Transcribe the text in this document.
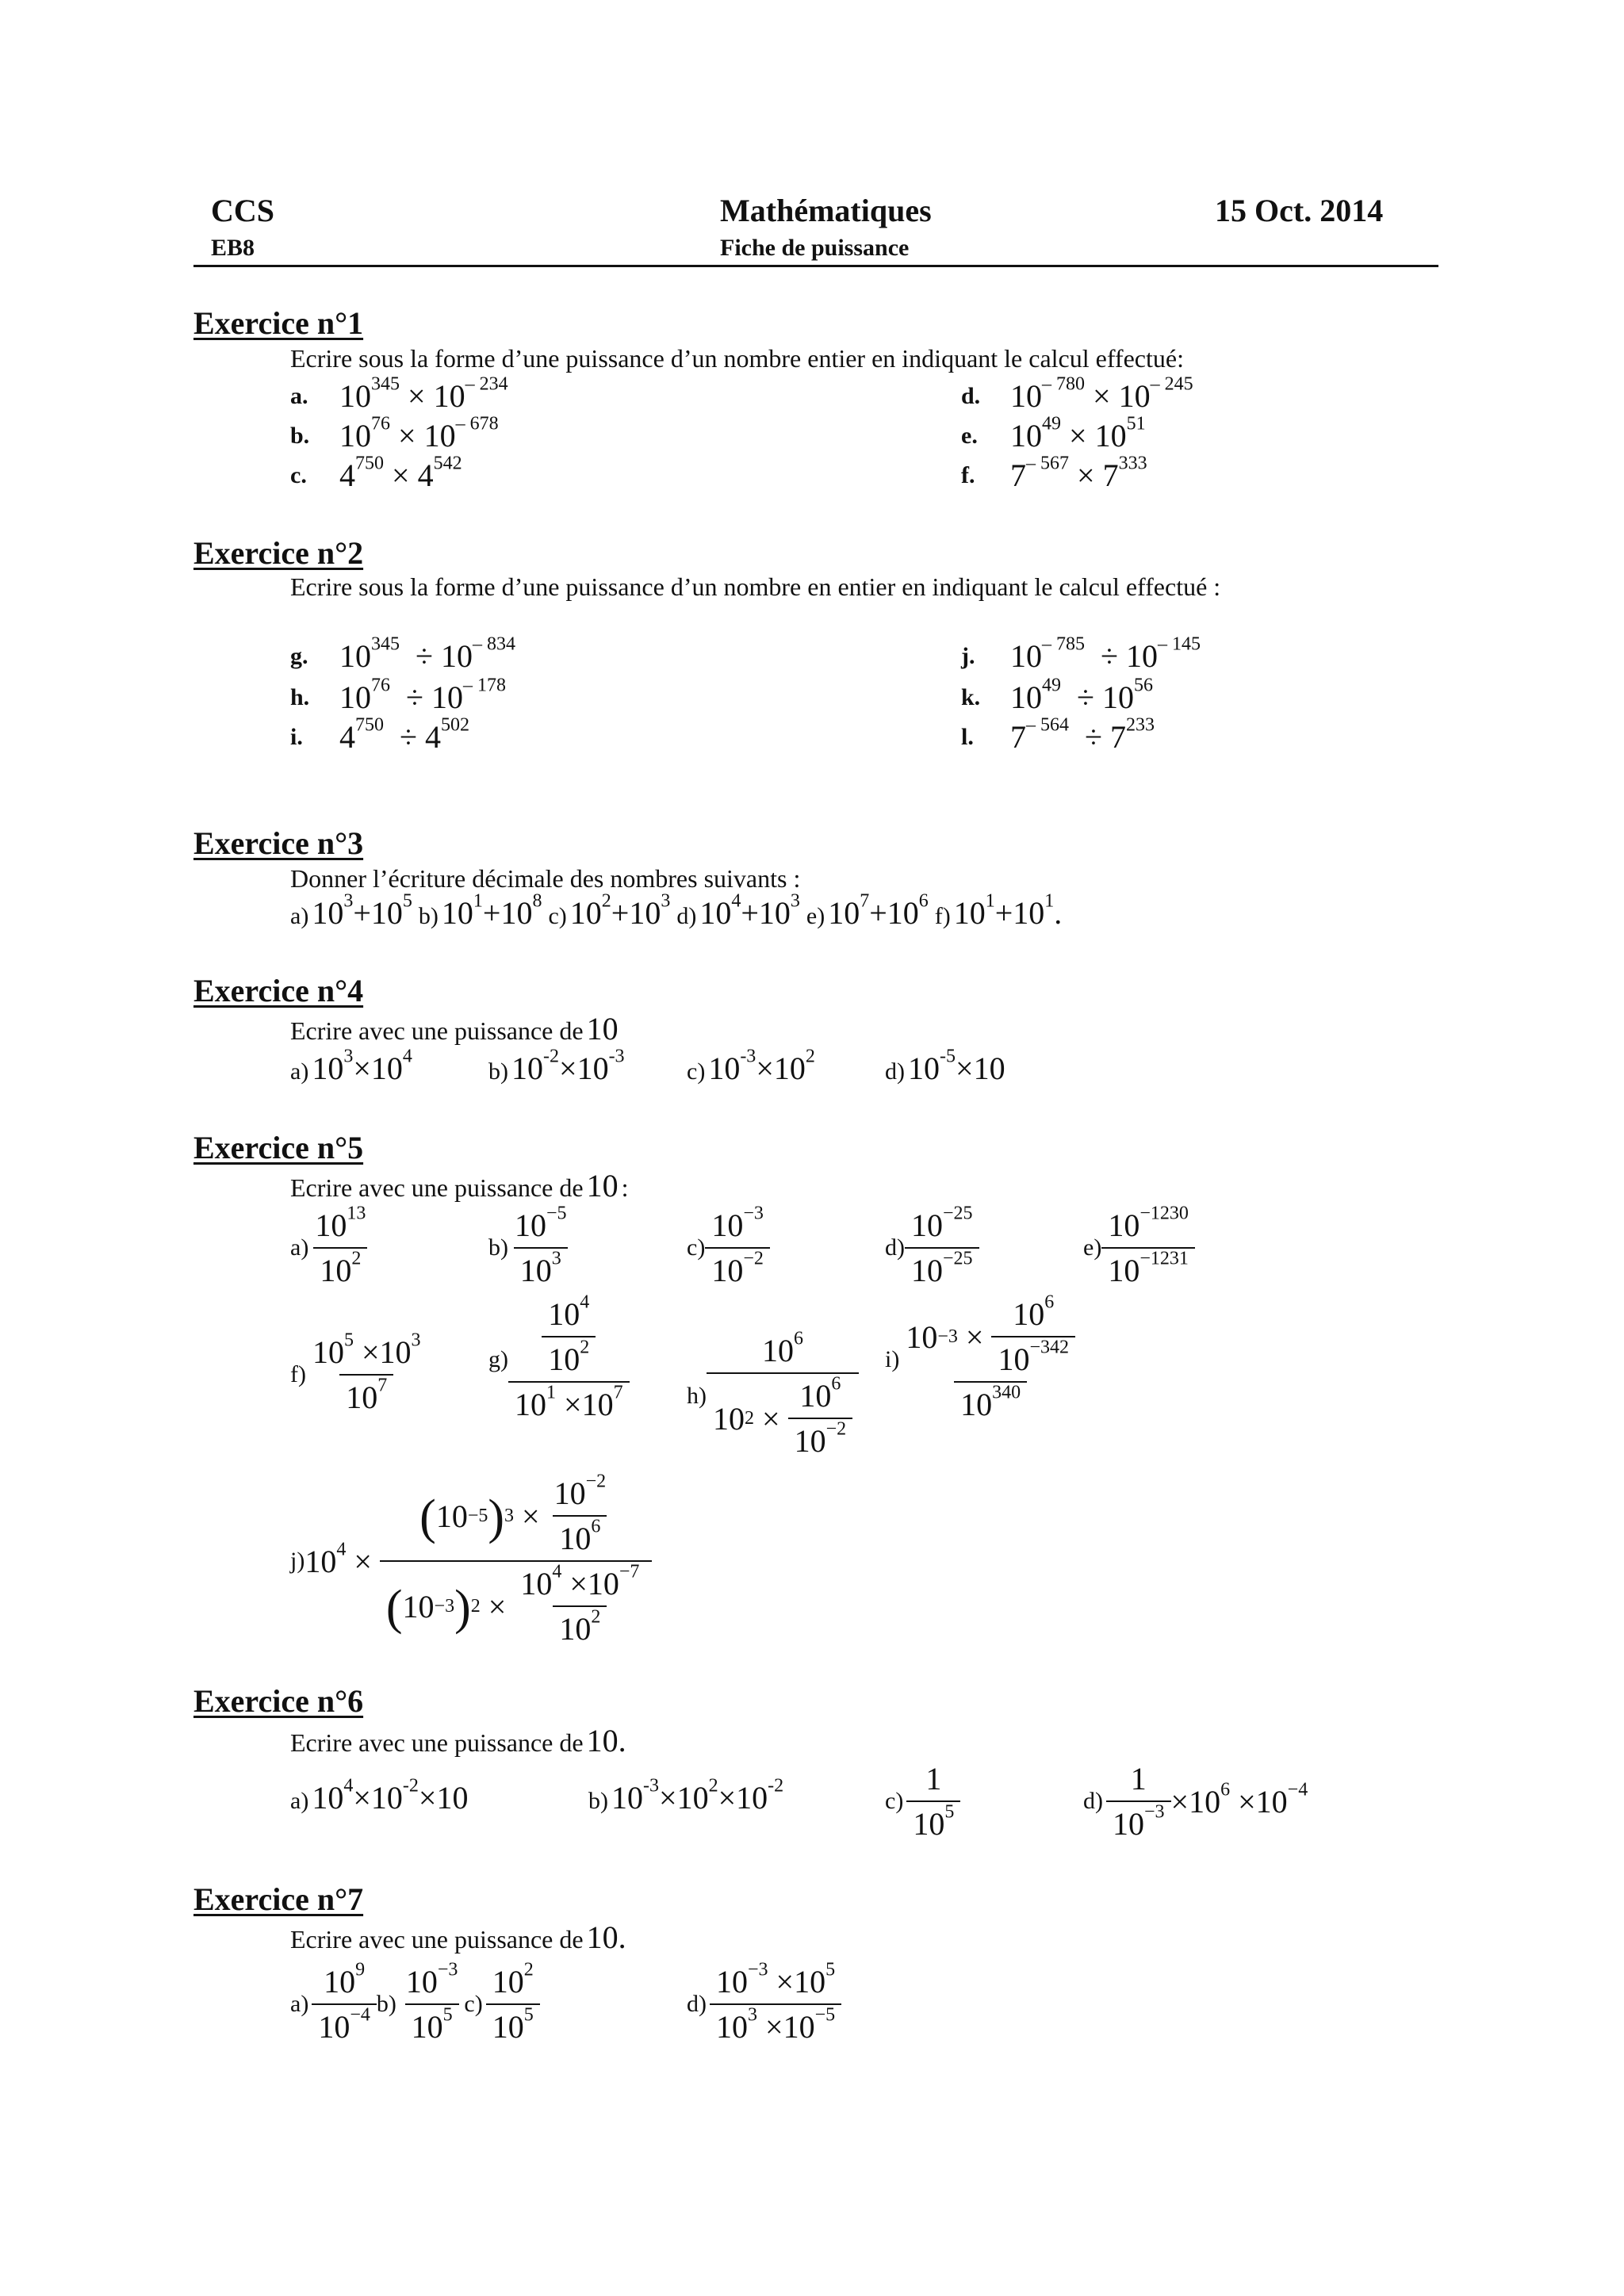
CCS
EB8
Mathématiques
Fiche de puissance
15 Oct. 2014
Exercice n°1
Ecrire sous la forme d’une puissance d’un nombre entier en indiquant le calcul effectué:
a. $10^{345} \times 10^{- 234}$
b. $10^{76} \times 10^{- 678}$
c.	$4^{750} \times 4^{542}$
d. $10^{- 780} \times 10^{- 245}$
e.	$10^{49} \times 10^{51}$
f.	$7^{- 567} \times 7^{333}$
Exercice n°2
Ecrire sous la forme d’une puissance d’un nombre en entier en indiquant le calcul effectué :
g. $10^{345} \div 10^{- 834}$
h. $10^{76} \div 10^{- 178}$
i.	$4^{750} \div 4^{502}$
j.	$10^{- 785} \div 10^{- 145}$
k. $10^{49} \div 10^{56}$
l.	$7^{- 564} \div 7^{233}$
Exercice n°3
Donner l’écriture décimale des nombres suivants :
a) $10^3+10^5$  b) $10^1+10^8$  c) $10^2+10^3$  d) $10^4+10^3$  e) $10^7+10^6$  f) $10^1+10^1$.
Exercice n°4
Ecrire avec une puissance de 10
a) $10^3\times 10^4$
b) $10^{-2}\times 10^{-3}$
c) $10^{-3}\times 10^2$
d) $10^{-5}\times 10$
Exercice n°5
Ecrire avec une puissance de 10 :
$a) \frac{10^{13}}{10^2}$	$b) \frac{10^{-5}}{10^3}$	$c) \frac{10^{-3}}{10^{-2}}$	$d) \frac{10^{-25}}{10^{-25}}$	$e) \frac{10^{-1230}}{10^{-1231}}$
$f) \frac{10^5 \times 10^3}{10^7}$	$g) \frac{\frac{10^4}{10^2}}{10^1 \times 10^7} h$) $10^6$
10 2
×
$\frac{10^6}{10^{-2}} i$) 10 −3
×
$\frac{10^6}{10^{-342}}$
$10^{340}$
j) $10^4$ × ( 10 −5 ) 3
×
$\frac{10^{-2}}{10^6}$
( 10 −3 ) 2
×
$\frac{10^4 \times 10^{-7}}{10^2}$
Exercice n°6
Ecrire avec une puissance de 10.
a) $10^4\times 10^{-2}\times 10$	b) $10^{-3}\times 10^2\times 10^{-2}$
c)
$\frac{1}{10^5}$	d)
$\frac{1}{10^{-3}} \times 10^6 \times 10^{-4}$
Exercice n°7
Ecrire avec une puissance de 10.
a)
$\frac{10^9}{10^{-4}} b$)
$\frac{10^{-3}}{10^5} c$)
$\frac{10^2}{10^5}$	d)
$\frac{10^{-3} \times 10^5}{10^3 \times 10^{-5}}$
